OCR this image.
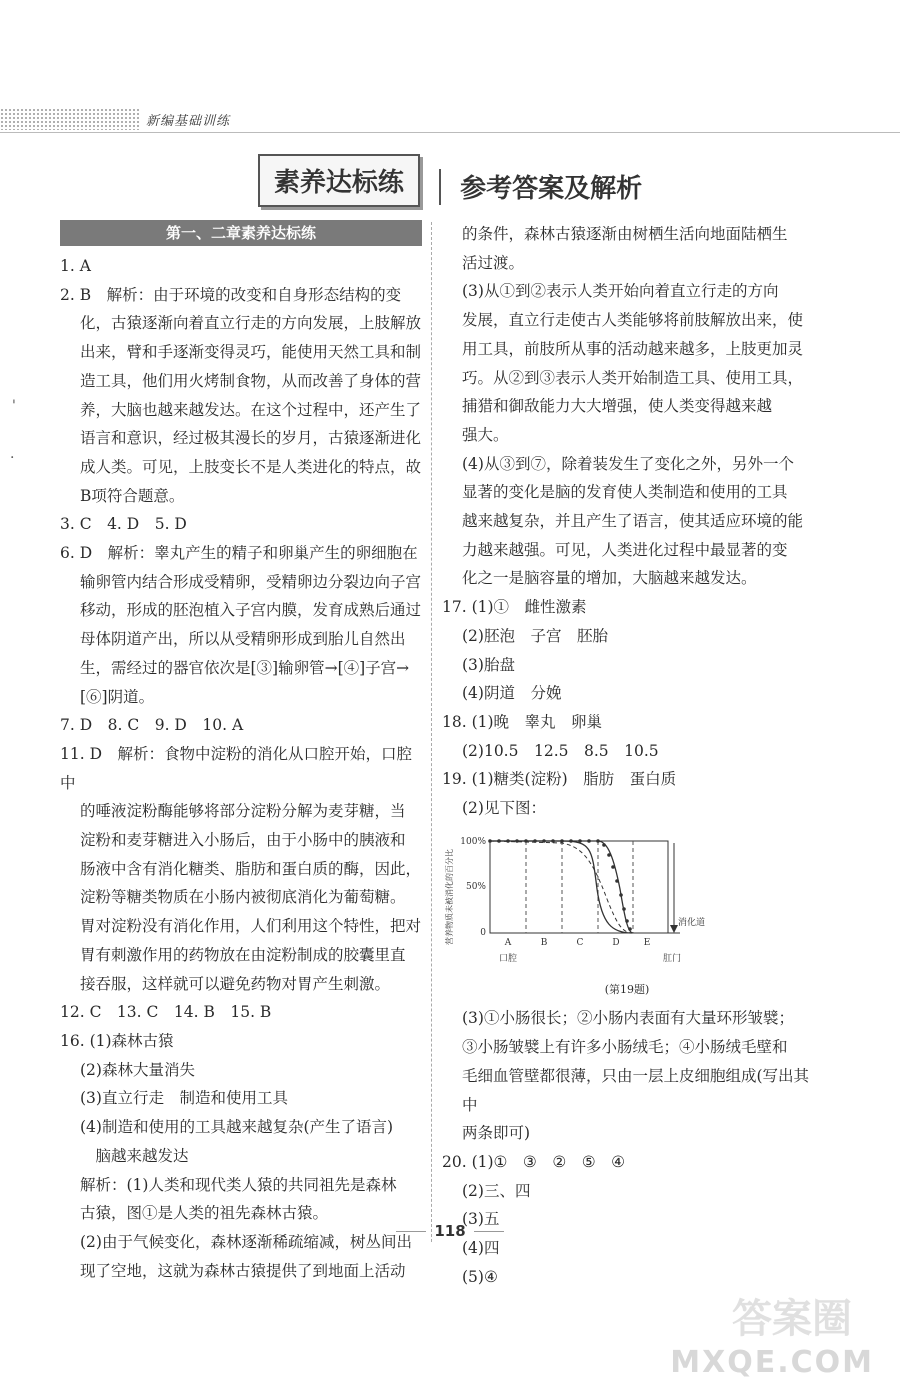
新编基础训练
'
·
素养达标练 参考答案及解析
第一、二章素养达标练

1. A

2. B　解析：由于环境的改变和自身形态结构的变

化，古猿逐渐向着直立行走的方向发展，上肢解放

出来，臂和手逐渐变得灵巧，能使用天然工具和制

造工具，他们用火烤制食物，从而改善了身体的营

养，大脑也越来越发达。在这个过程中，还产生了

语言和意识，经过极其漫长的岁月，古猿逐渐进化

成人类。可见，上肢变长不是人类进化的特点，故

B项符合题意。

3. C　4. D　5. D

6. D　解析：睾丸产生的精子和卵巢产生的卵细胞在

输卵管内结合形成受精卵，受精卵边分裂边向子宫

移动，形成的胚泡植入子宫内膜，发育成熟后通过

母体阴道产出，所以从受精卵形成到胎儿自然出

生，需经过的器官依次是[③]输卵管→[④]子宫→

[⑥]阴道。

7. D　8. C　9. D　10. A

11. D　解析：食物中淀粉的消化从口腔开始，口腔中

的唾液淀粉酶能够将部分淀粉分解为麦芽糖，当

淀粉和麦芽糖进入小肠后，由于小肠中的胰液和

肠液中含有消化糖类、脂肪和蛋白质的酶，因此，

淀粉等糖类物质在小肠内被彻底消化为葡萄糖。

胃对淀粉没有消化作用，人们利用这个特性，把对

胃有刺激作用的药物放在由淀粉制成的胶囊里直

接吞服，这样就可以避免药物对胃产生刺激。

12. C　13. C　14. B　15. B

16. (1)森林古猿

(2)森林大量消失

(3)直立行走　制造和使用工具

(4)制造和使用的工具越来越复杂(产生了语言)

　脑越来越发达

解析：(1)人类和现代类人猿的共同祖先是森林

古猿，图①是人类的祖先森林古猿。

(2)由于气候变化，森林逐渐稀疏缩减，树丛间出

现了空地，这就为森林古猿提供了到地面上活动

的条件，森林古猿逐渐由树栖生活向地面陆栖生

活过渡。

(3)从①到②表示人类开始向着直立行走的方向

发展，直立行走使古人类能够将前肢解放出来，使

用工具，前肢所从事的活动越来越多，上肢更加灵

巧。从②到③表示人类开始制造工具、使用工具，

捕猎和御敌能力大大增强，使人类变得越来越

强大。

(4)从③到⑦，除着装发生了变化之外，另外一个

显著的变化是脑的发育使人类制造和使用的工具

越来越复杂，并且产生了语言，使其适应环境的能

力越来越强。可见，人类进化过程中最显著的变

化之一是脑容量的增加，大脑越来越发达。

17. (1)①　雌性激素

(2)胚泡　子宫　胚胎

(3)胎盘

(4)阴道　分娩

18. (1)晚　睾丸　卵巢

(2)10.5　12.5　8.5　10.5

19. (1)糖类(淀粉)　脂肪　蛋白质

(2)见下图：

营养物质未被消化的百分比
100%
50%
0
消化道
A	B	C	D	E
口腔	肛门
(第19题)

(3)①小肠很长；②小肠内表面有大量环形皱襞；

③小肠皱襞上有许多小肠绒毛；④小肠绒毛壁和

毛细血管壁都很薄，只由一层上皮细胞组成(写出其中

两条即可)

20. (1)①　③　②　⑤　④

(2)三、四

(3)五

(4)四

(5)④

118
答案圈
MXQE.COM
